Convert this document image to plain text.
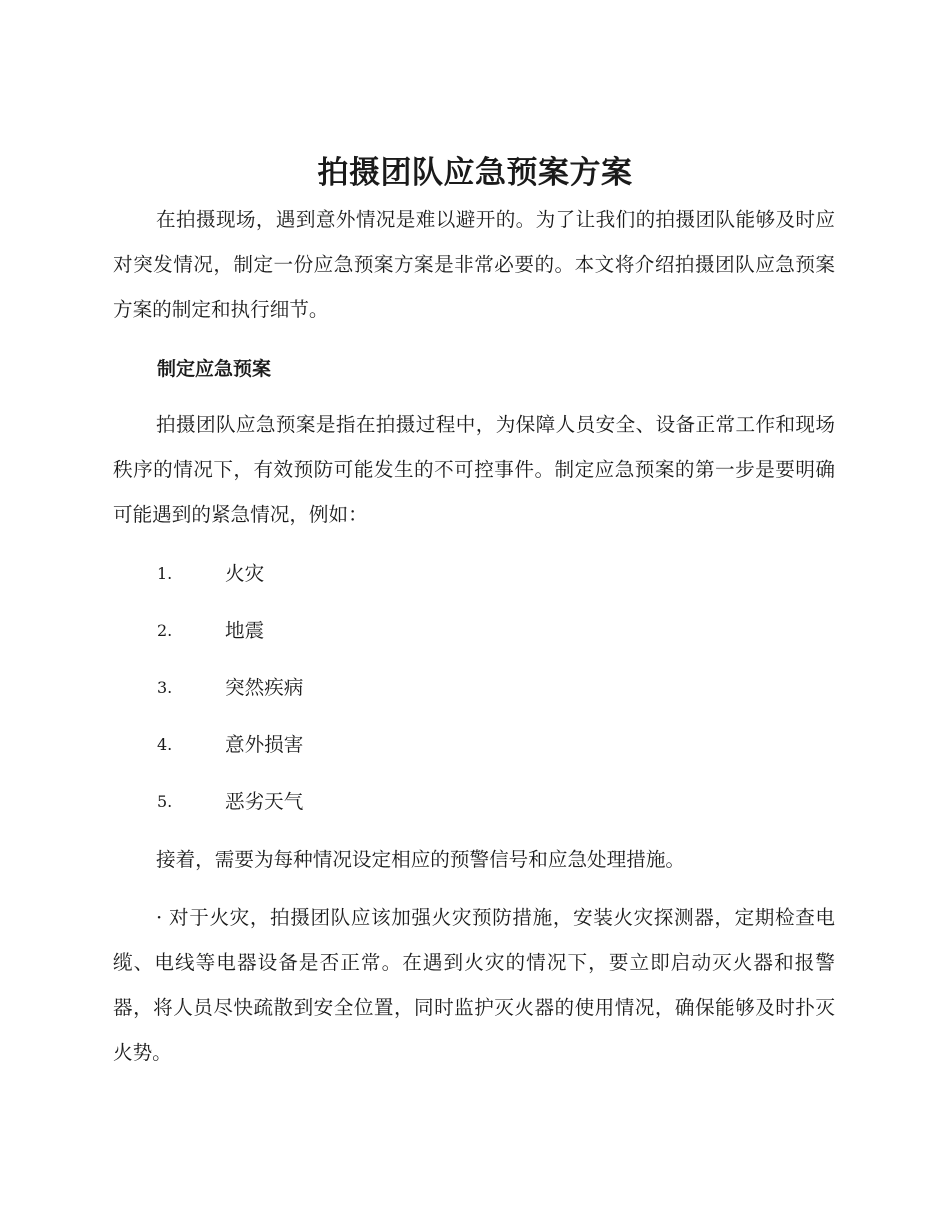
拍摄团队应急预案方案

在拍摄现场，遇到意外情况是难以避开的。为了让我们的拍摄团队能够及时应对突发情况，制定一份应急预案方案是非常必要的。本文将介绍拍摄团队应急预案方案的制定和执行细节。

制定应急预案

拍摄团队应急预案是指在拍摄过程中，为保障人员安全、设备正常工作和现场秩序的情况下，有效预防可能发生的不可控事件。制定应急预案的第一步是要明确可能遇到的紧急情况，例如：

1.	火灾
2.	地震
3.	突然疾病
4.	意外损害
5.	恶劣天气

接着，需要为每种情况设定相应的预警信号和应急处理措施。

· 对于火灾，拍摄团队应该加强火灾预防措施，安装火灾探测器，定期检查电缆、电线等电器设备是否正常。在遇到火灾的情况下，要立即启动灭火器和报警器，将人员尽快疏散到安全位置，同时监护灭火器的使用情况，确保能够及时扑灭火势。
